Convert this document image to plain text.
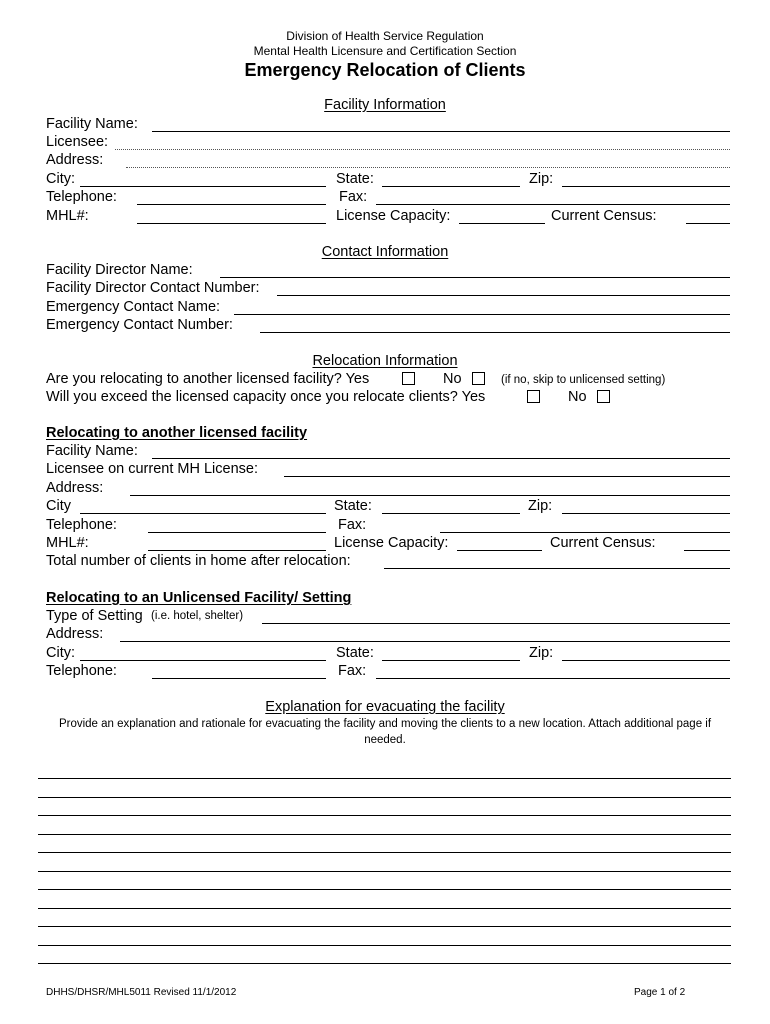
Division of Health Service Regulation
Mental Health Licensure and Certification Section
Emergency Relocation of Clients
Facility Information
Facility Name:
Licensee:
Address:
City:	State:	Zip:
Telephone:	Fax:
MHL#:	License Capacity:	Current Census:
Contact Information
Facility Director Name:
Facility Director Contact Number:
Emergency Contact Name:
Emergency Contact Number:
Relocation Information
Are you relocating to another licensed facility? Yes	No	(if no, skip to unlicensed setting)
Will you exceed the licensed capacity once you relocate clients? Yes	No
Relocating to another licensed facility
Facility Name:
Licensee on current MH License:
Address:
City	State:	Zip:
Telephone:	Fax:
MHL#:	License Capacity:	Current Census:
Total number of clients in home after relocation:
Relocating to an Unlicensed Facility/ Setting
Type of Setting (i.e. hotel, shelter)
Address:
City:	State:	Zip:
Telephone:	Fax:
Explanation for evacuating the facility
Provide an explanation and rationale for evacuating the facility and moving the clients to a new location. Attach additional page if needed.
DHHS/DHSR/MHL5011 Revised 11/1/2012	Page 1 of 2
